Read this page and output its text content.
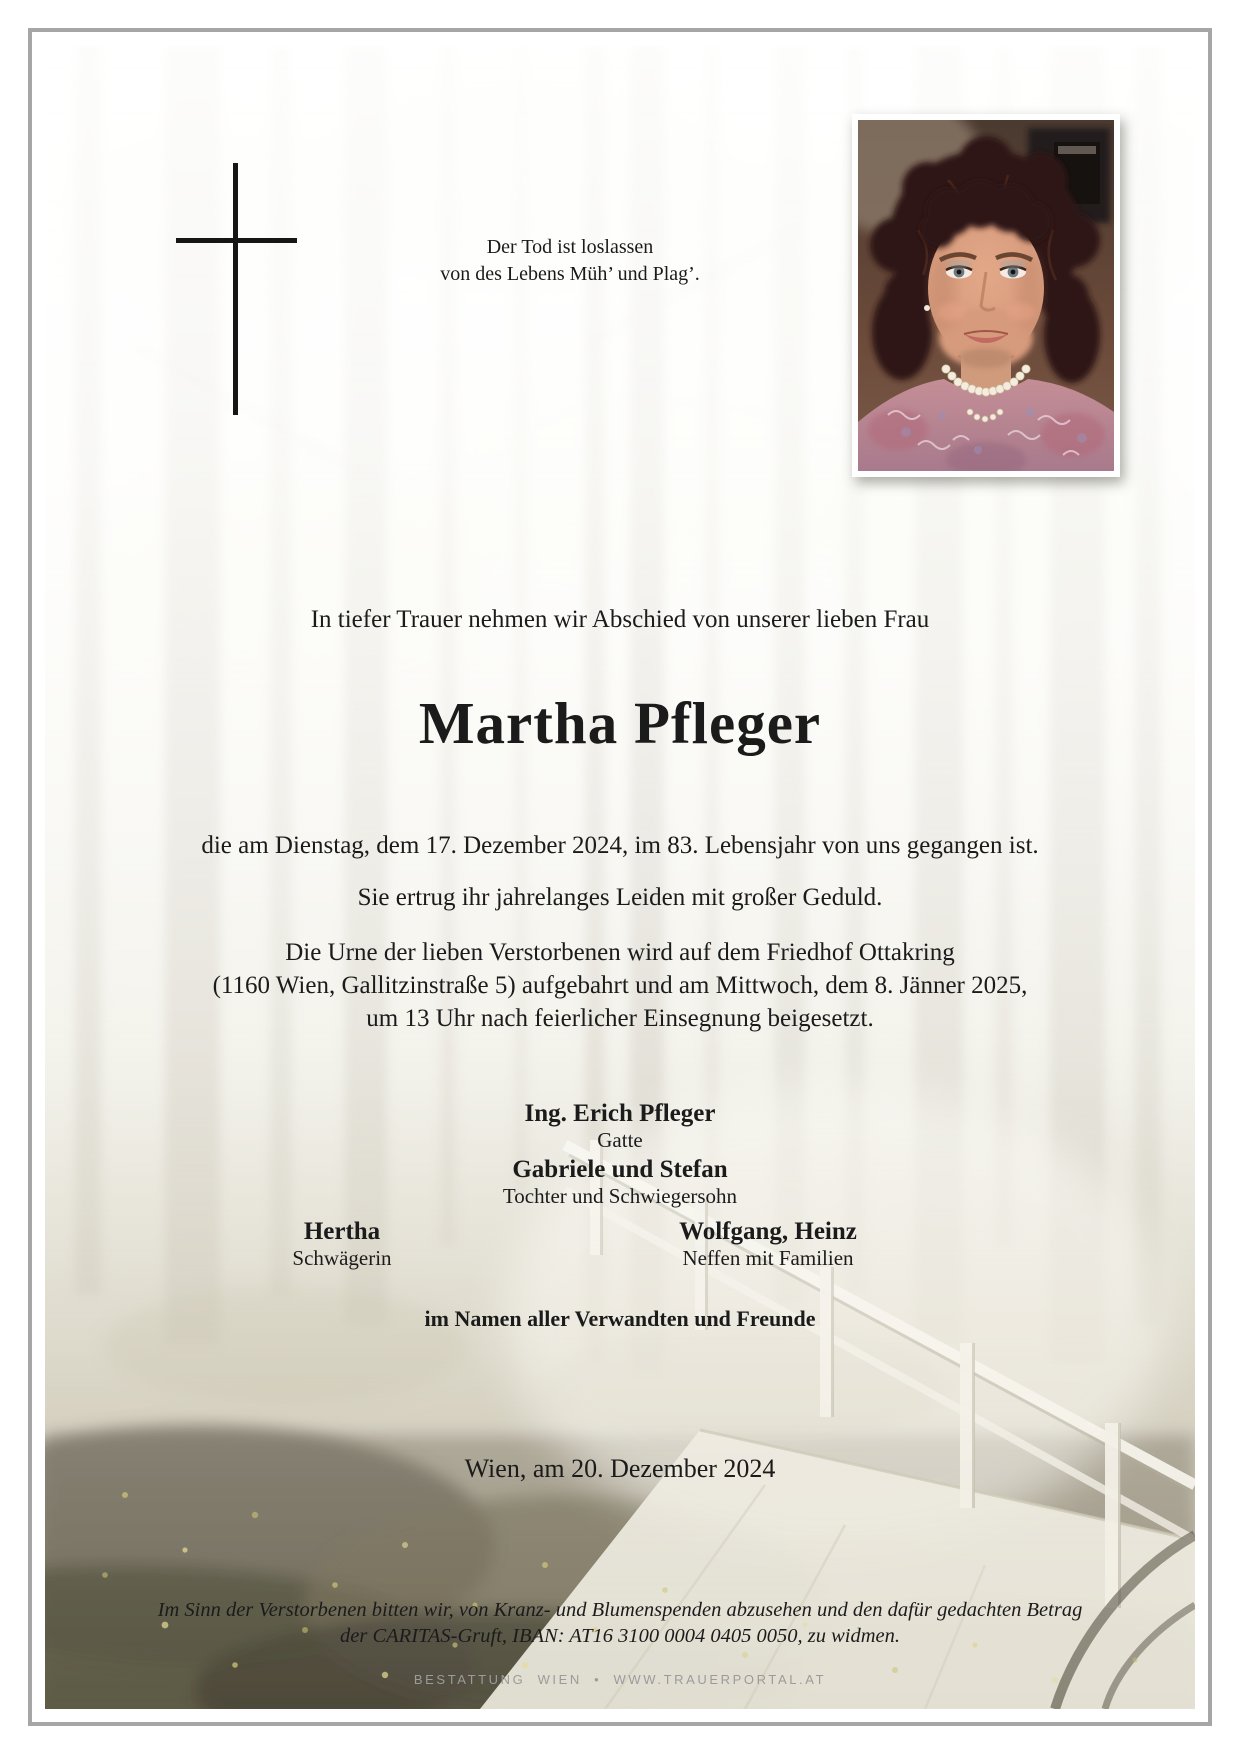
Der Tod ist loslassen
von des Lebens Müh’ und Plag’.
In tiefer Trauer nehmen wir Abschied von unserer lieben Frau
Martha Pfleger
die am Dienstag, dem 17. Dezember 2024, im 83. Lebensjahr von uns gegangen ist.
Sie ertrug ihr jahrelanges Leiden mit großer Geduld.
Die Urne der lieben Verstorbenen wird auf dem Friedhof Ottakring
(1160 Wien, Gallitzinstraße 5) aufgebahrt und am Mittwoch, dem 8. Jänner 2025,
um 13 Uhr nach feierlicher Einsegnung beigesetzt.
Ing. Erich Pfleger
Gatte
Gabriele und Stefan
Tochter und Schwiegersohn
Hertha
Schwägerin
Wolfgang, Heinz
Neffen mit Familien
im Namen aller Verwandten und Freunde
Wien, am 20. Dezember 2024
Im Sinn der Verstorbenen bitten wir, von Kranz- und Blumenspenden abzusehen und den dafür gedachten Betrag
der CARITAS-Gruft, IBAN: AT16 3100 0004 0405 0050, zu widmen.
BESTATTUNG WIEN • WWW.TRAUERPORTAL.AT
